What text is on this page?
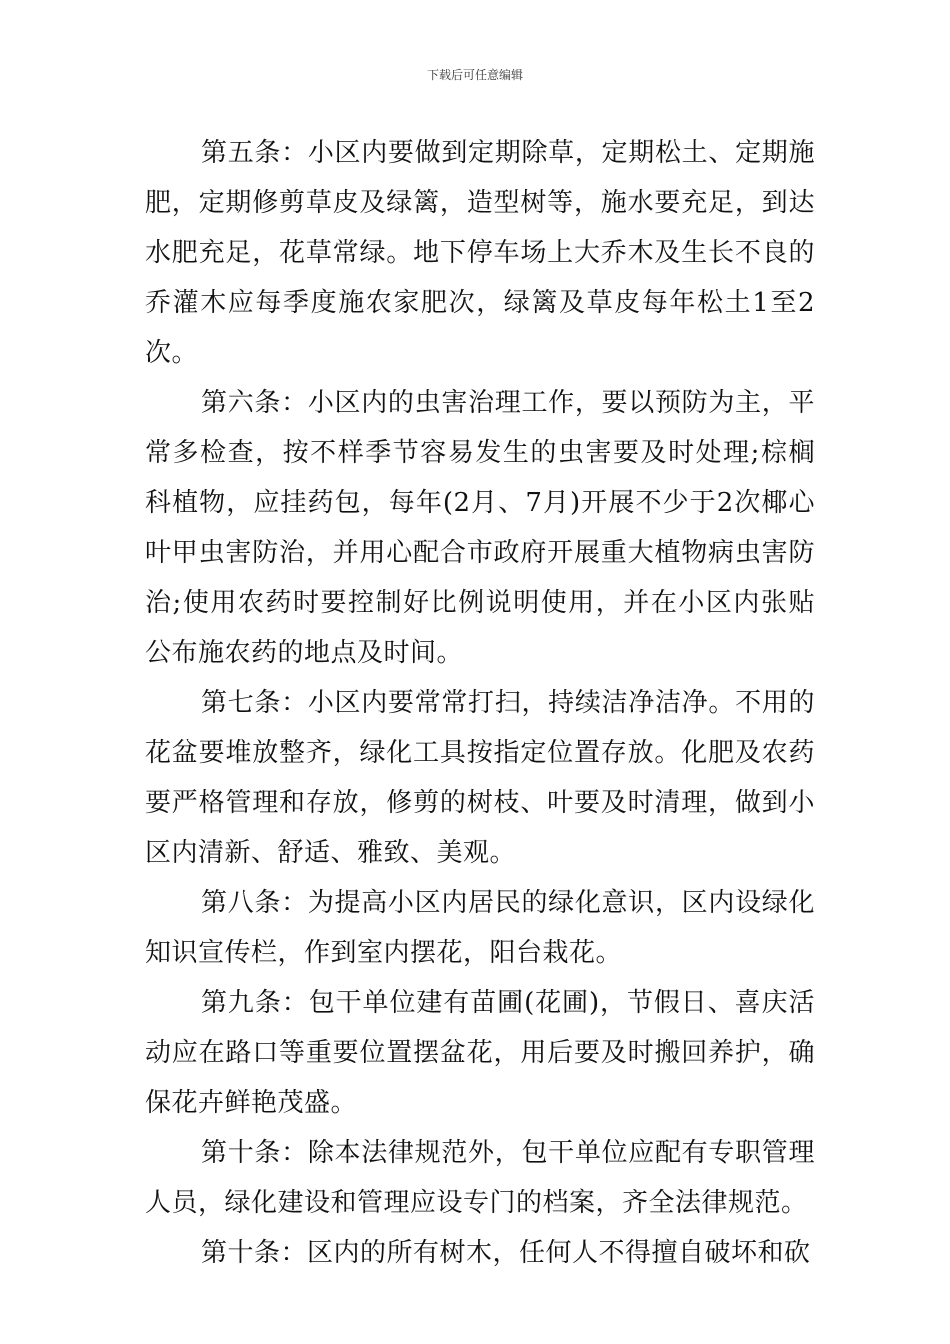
下载后可任意编辑

第五条：小区内要做到定期除草，定期松土、定期施肥，定期修剪草皮及绿篱，造型树等，施水要充足，到达水肥充足，花草常绿。地下停车场上大乔木及生长不良的乔灌木应每季度施农家肥次，绿篱及草皮每年松土1至2次。

第六条：小区内的虫害治理工作，要以预防为主，平常多检查，按不样季节容易发生的虫害要及时处理;棕榈科植物，应挂药包，每年(2月、7月)开展不少于2次椰心叶甲虫害防治，并用心配合市政府开展重大植物病虫害防治;使用农药时要控制好比例说明使用，并在小区内张贴公布施农药的地点及时间。

第七条：小区内要常常打扫，持续洁净洁净。不用的花盆要堆放整齐，绿化工具按指定位置存放。化肥及农药要严格管理和存放，修剪的树枝、叶要及时清理，做到小区内清新、舒适、雅致、美观。

第八条：为提高小区内居民的绿化意识，区内设绿化知识宣传栏，作到室内摆花，阳台栽花。

第九条：包干单位建有苗圃(花圃)，节假日、喜庆活动应在路口等重要位置摆盆花，用后要及时搬回养护，确保花卉鲜艳茂盛。

第十条：除本法律规范外，包干单位应配有专职管理人员，绿化建设和管理应设专门的档案，齐全法律规范。

第十条：区内的所有树木，任何人不得擅自破坏和砍
